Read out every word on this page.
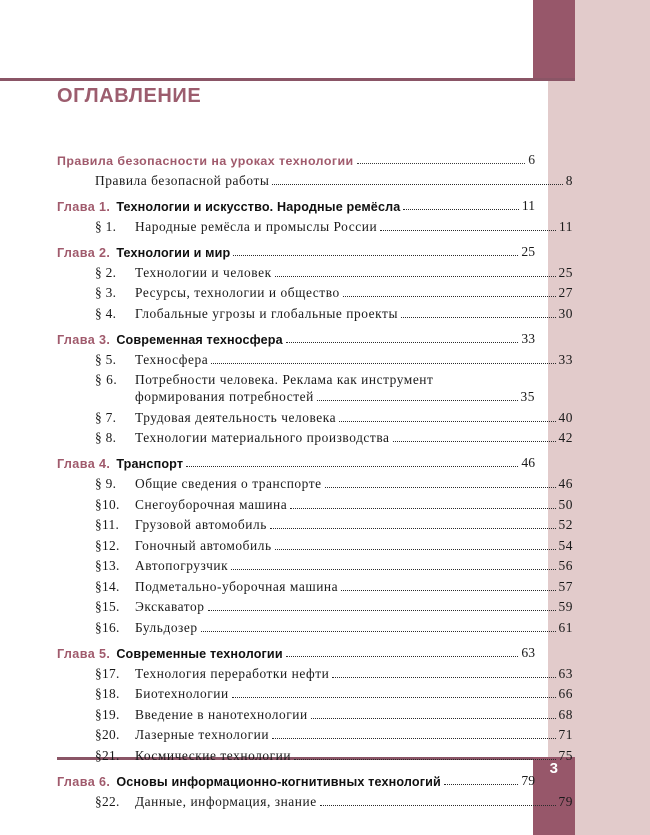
3
ОГЛАВЛЕНИЕ
Правила безопасности на уроках технологии	6
Правила безопасной работы	8
Глава 1. Технологии и искусство. Народные ремёсла	11
§ 1.	Народные ремёсла и промыслы России	11
Глава 2. Технологии и мир	25
§ 2.	Технологии и человек	25
§ 3.	Ресурсы, технологии и общество	27
§ 4.	Глобальные угрозы и глобальные проекты	30
Глава 3. Современная техносфера	33
§ 5.	Техносфера	33
§ 6. Потребности человека. Реклама как инструмент
формирования потребностей	35
§ 7.	Трудовая деятельность человека	40
§ 8.	Технологии материального производства	42
Глава 4. Транспорт	46
§ 9.	Общие сведения о транспорте	46
§10.	Снегоуборочная машина	50
§11.	Грузовой автомобиль	52
§12.	Гоночный автомобиль	54
§13.	Автопогрузчик	56
§14.	Подметально-уборочная машина	57
§15.	Экскаватор	59
§16.	Бульдозер	61
Глава 5. Современные технологии	63
§17.	Технология переработки нефти	63
§18.	Биотехнологии	66
§19.	Введение в нанотехнологии	68
§20.	Лазерные технологии	71
§21.	Космические технологии	75
Глава 6. Основы информационно-когнитивных технологий	79
§22.	Данные, информация, знание	79
